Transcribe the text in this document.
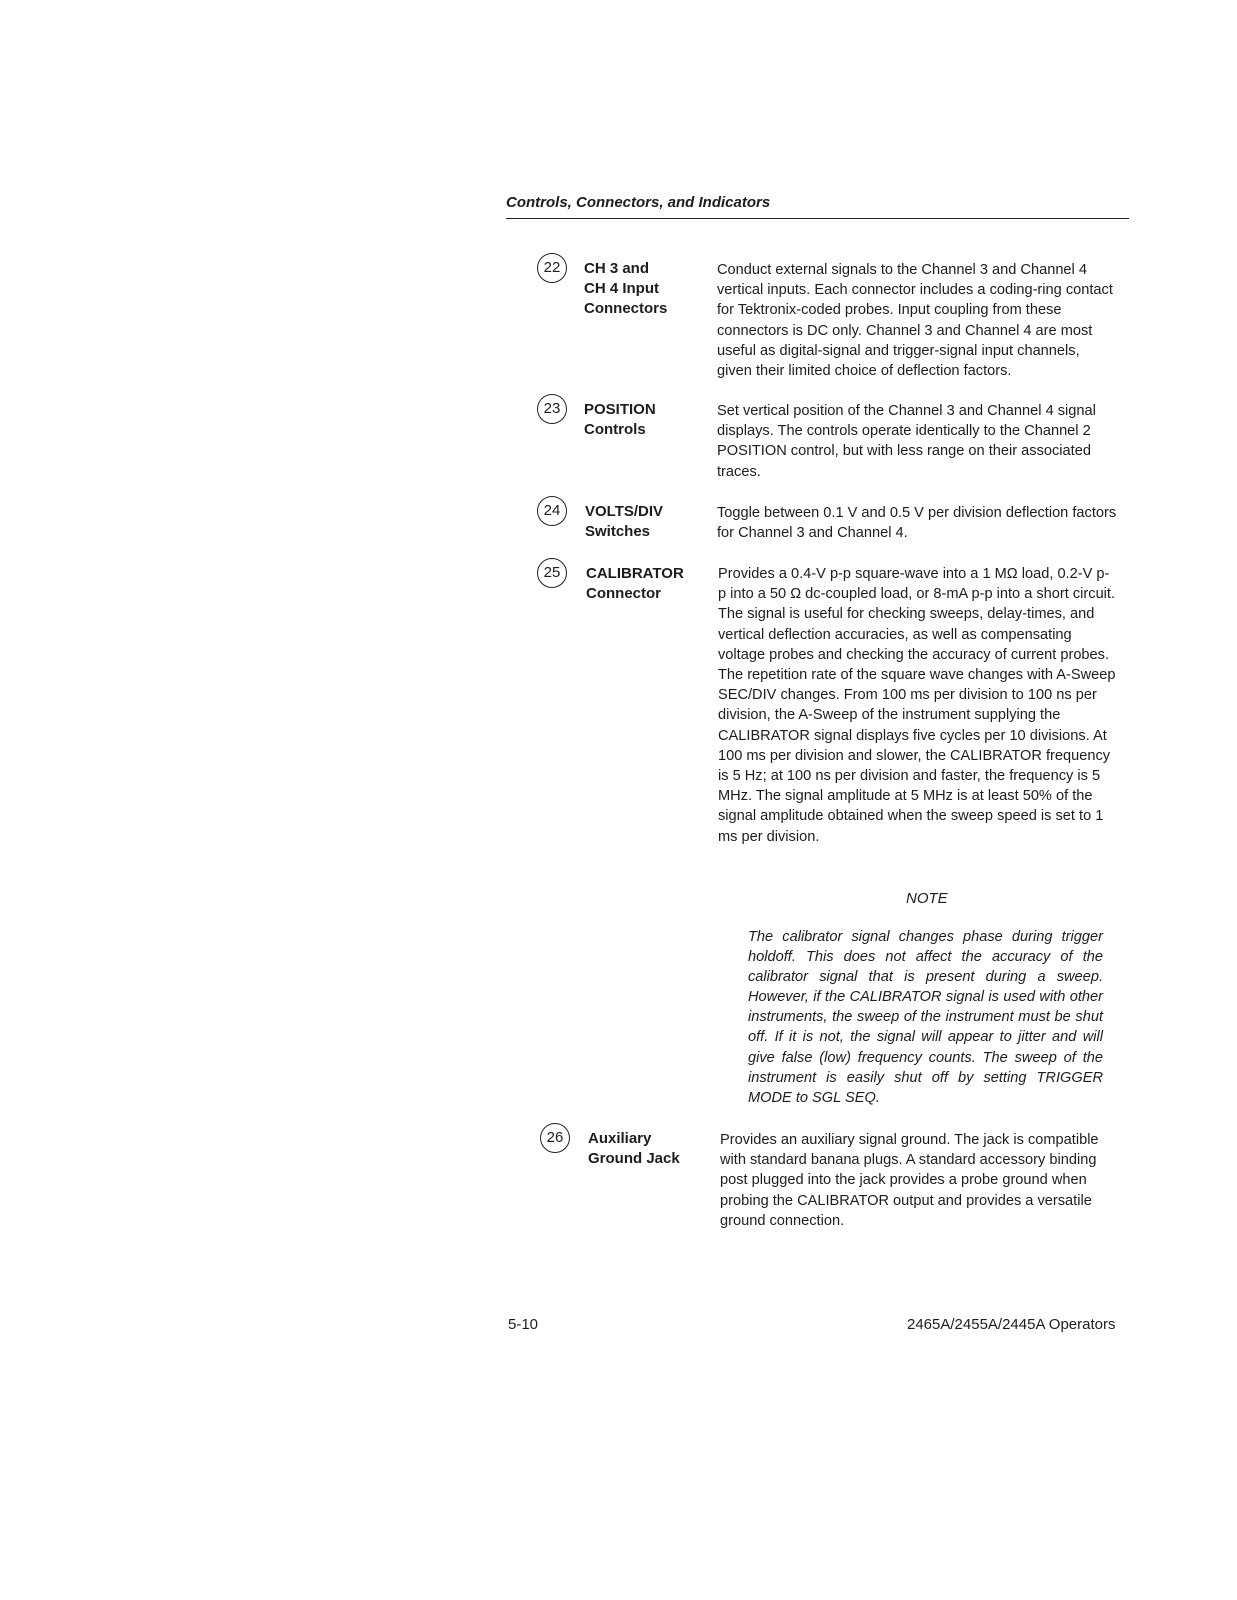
Controls, Connectors, and Indicators
22	CH 3 and
CH 4 Input
Connectors
Conduct external signals to the Channel 3 and Channel 4 vertical inputs. Each connector includes a coding-ring contact for Tektronix-coded probes. Input coupling from these connectors is DC only. Channel 3 and Channel 4 are most useful as digital-signal and trigger-signal input channels, given their limited choice of deflection factors.
23	POSITION
Controls
Set vertical position of the Channel 3 and Channel 4 signal displays. The controls operate identically to the Channel 2 POSITION control, but with less range on their associated traces.
24	VOLTS/DIV
Switches
Toggle between 0.1 V and 0.5 V per division deflection factors for Channel 3 and Channel 4.
25	CALIBRATOR
Connector
Provides a 0.4-V p-p square-wave into a 1 MΩ load, 0.2-V p-p into a 50 Ω dc-coupled load, or 8-mA p-p into a short circuit. The signal is useful for checking sweeps, delay-times, and vertical deflection accuracies, as well as compensating voltage probes and checking the accuracy of current probes. The repetition rate of the square wave changes with A-Sweep SEC/DIV changes. From 100 ms per division to 100 ns per division, the A-Sweep of the instrument supplying the CALIBRATOR signal displays five cycles per 10 divisions. At 100 ms per division and slower, the CALIBRATOR frequency is 5 Hz; at 100 ns per division and faster, the frequency is 5 MHz. The signal amplitude at 5 MHz is at least 50% of the signal amplitude obtained when the sweep speed is set to 1 ms per division.
NOTE
The calibrator signal changes phase during trigger holdoff. This does not affect the accuracy of the calibrator signal that is present during a sweep. However, if the CALIBRATOR signal is used with other instruments, the sweep of the instrument must be shut off. If it is not, the signal will appear to jitter and will give false (low) frequency counts. The sweep of the instrument is easily shut off by setting TRIGGER MODE to SGL SEQ.
26	Auxiliary
Ground Jack
Provides an auxiliary signal ground. The jack is compatible with standard banana plugs. A standard accessory binding post plugged into the jack provides a probe ground when probing the CALIBRATOR output and provides a versatile ground connection.
5-10	2465A/2455A/2445A Operators
